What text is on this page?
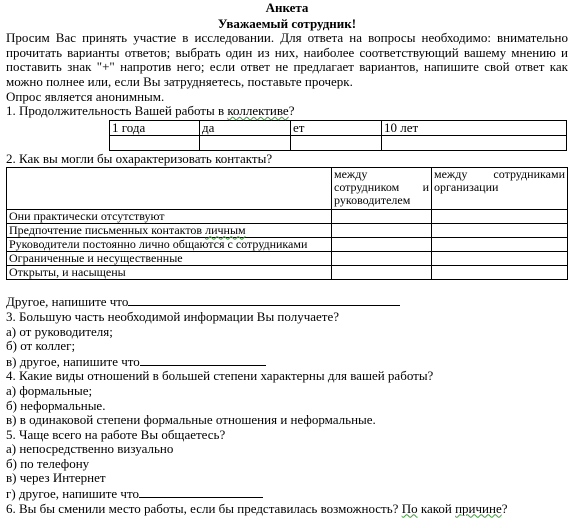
Анкета
Уважаемый сотрудник!

Просим Вас принять участие в исследовании. Для ответа на вопросы необходимо: внимательно прочитать варианты ответов; выбрать один из них, наиболее соответствующий вашему мнению и поставить знак "+" напротив него; если ответ не предлагает вариантов, напишите свой ответ как можно полнее или, если Вы затрудняетесь, поставьте прочерк.

Опрос является анонимным.

1. Продолжительность Вашей работы в коллективе?

1 года	да	ет	10 лет

2. Как вы могли бы охарактеризовать контакты?

	между сотрудником и руководителем	между сотрудниками организации
Они практически отсутствуют		
Предпочтение письменных контактов личным		
Руководители постоянно лично общаются с сотрудниками		
Ограниченные и несущественные		
Открыты, и насыщены		

Другое, напишите что

3. Большую часть необходимой информации Вы получаете?

а) от руководителя;

б) от коллег;

в) другое, напишите что

4. Какие виды отношений в большей степени характерны для вашей работы?

а) формальные;

б) неформальные.

в) в одинаковой степени формальные отношения и неформальные.

5. Чаще всего на работе Вы общаетесь?

а) непосредственно визуально

б) по телефону

в) через Интернет

г) другое, напишите что

6. Вы бы сменили место работы, если бы представилась возможность? По какой причине?
